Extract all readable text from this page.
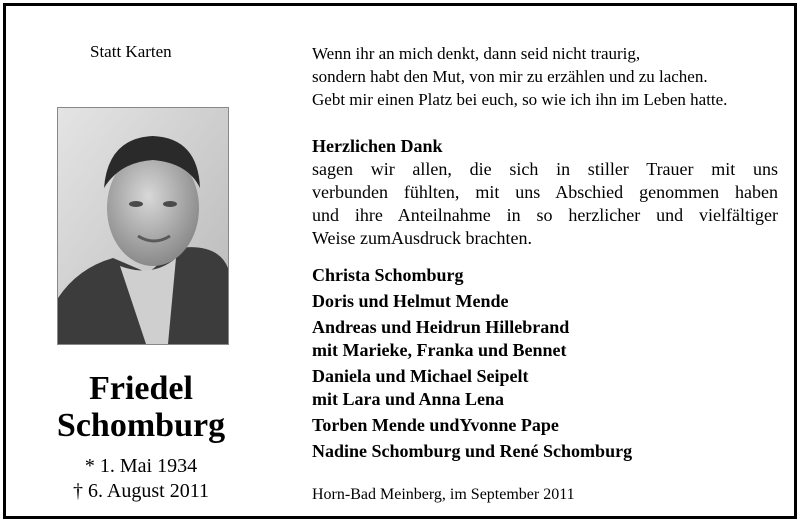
Statt Karten
Friedel
Schomburg
* 1. Mai 1934
† 6. August 2011
Wenn ihr an mich denkt, dann seid nicht traurig,
sondern habt den Mut, von mir zu erzählen und zu lachen.
Gebt mir einen Platz bei euch, so wie ich ihn im Leben hatte.
Herzlichen Dank
sagen wir allen, die sich in stiller Trauer mit uns
verbunden fühlten, mit uns Abschied genommen haben
und ihre Anteilnahme in so herzlicher und vielfältiger
Weise zumAusdruck brachten.
Christa Schomburg
Doris und Helmut Mende
Andreas und Heidrun Hillebrand
mit Marieke, Franka und Bennet
Daniela und Michael Seipelt
mit Lara und Anna Lena
Torben Mende undYvonne Pape
Nadine Schomburg und René Schomburg
Horn-Bad Meinberg, im September 2011
